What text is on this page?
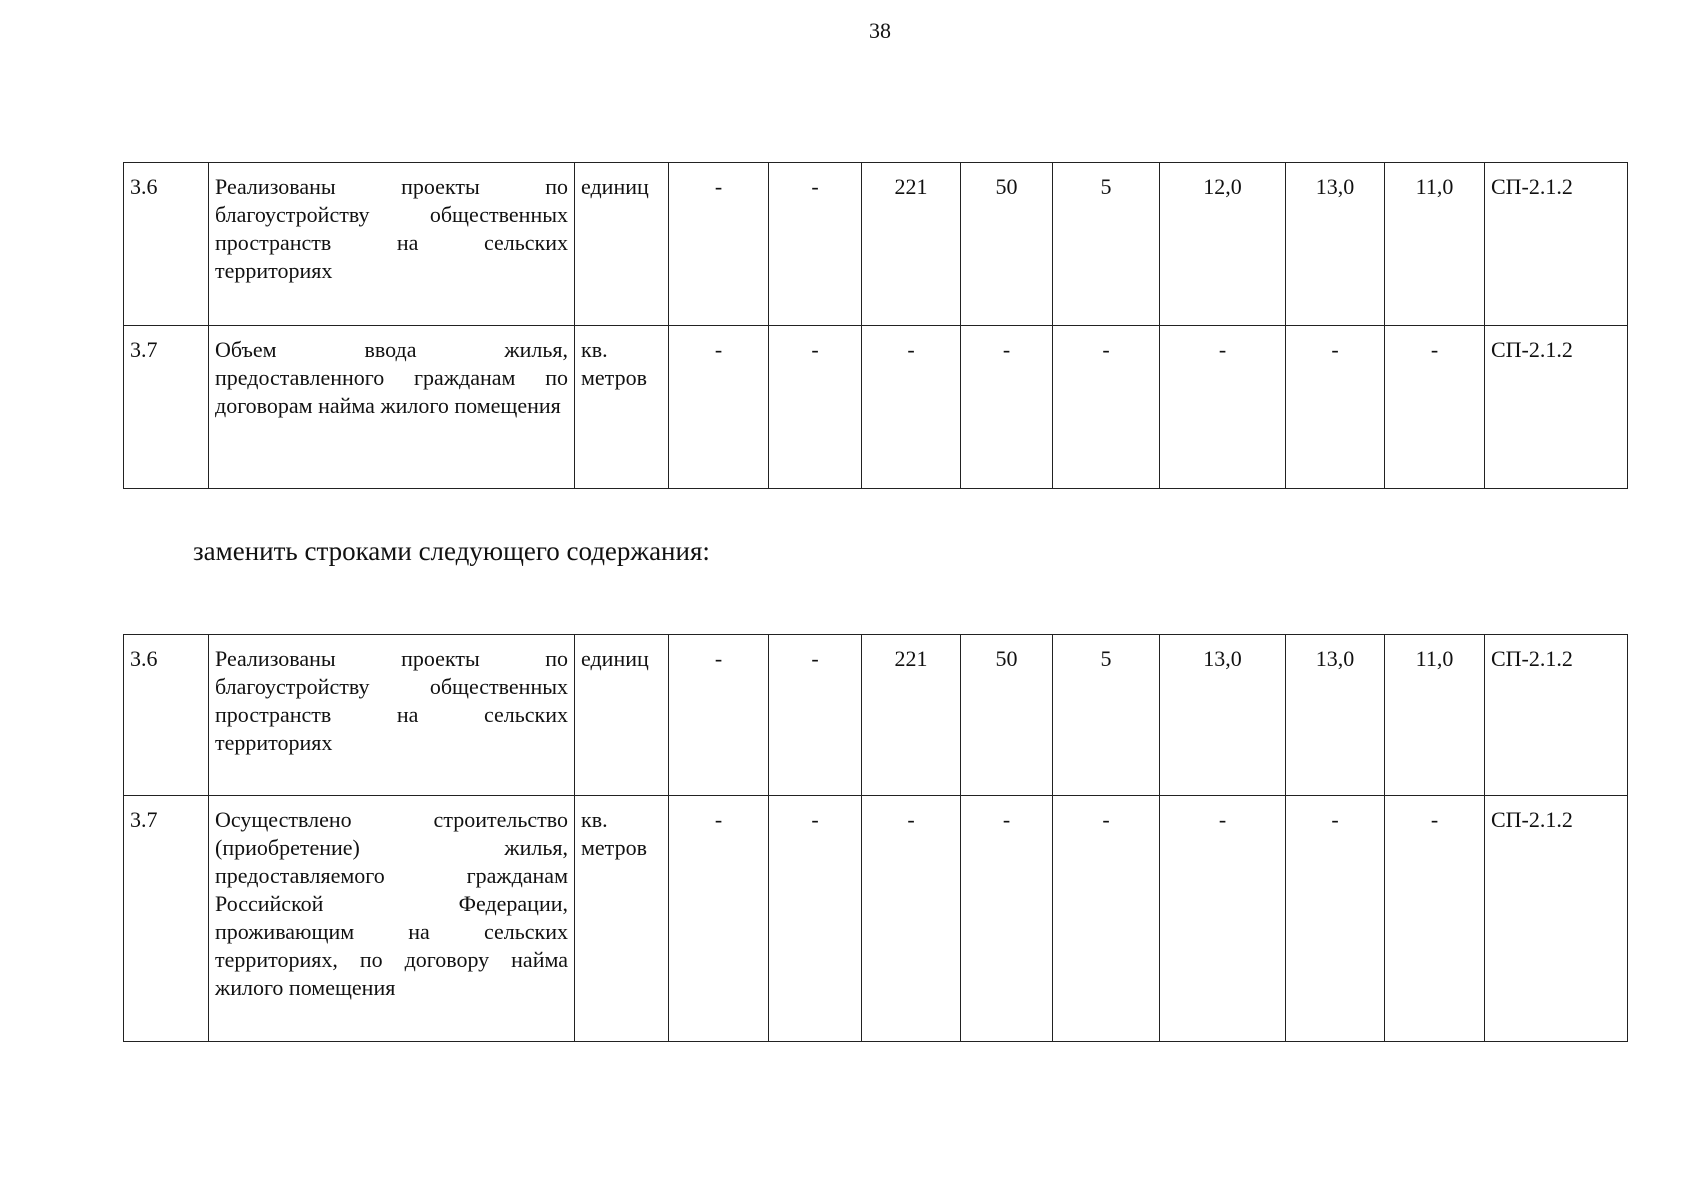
38
3.6	Реализованы проекты по благоустройству общественных пространств на сельских территориях	единиц	-	-	221	50	5	12,0	13,0	11,0	СП-2.1.2
3.7	Объем ввода жилья, предоставленного гражданам по договорам найма жилого помещения	кв. метров	-	-	-	-	-	-	-	-	СП-2.1.2
заменить строками следующего содержания:
3.6	Реализованы проекты по благоустройству общественных пространств на сельских территориях	единиц	-	-	221	50	5	13,0	13,0	11,0	СП-2.1.2
3.7	Осуществлено строительство (приобретение) жилья, предоставляемого гражданам Российской Федерации, проживающим на сельских территориях, по договору найма жилого помещения	кв. метров	-	-	-	-	-	-	-	-	СП-2.1.2
